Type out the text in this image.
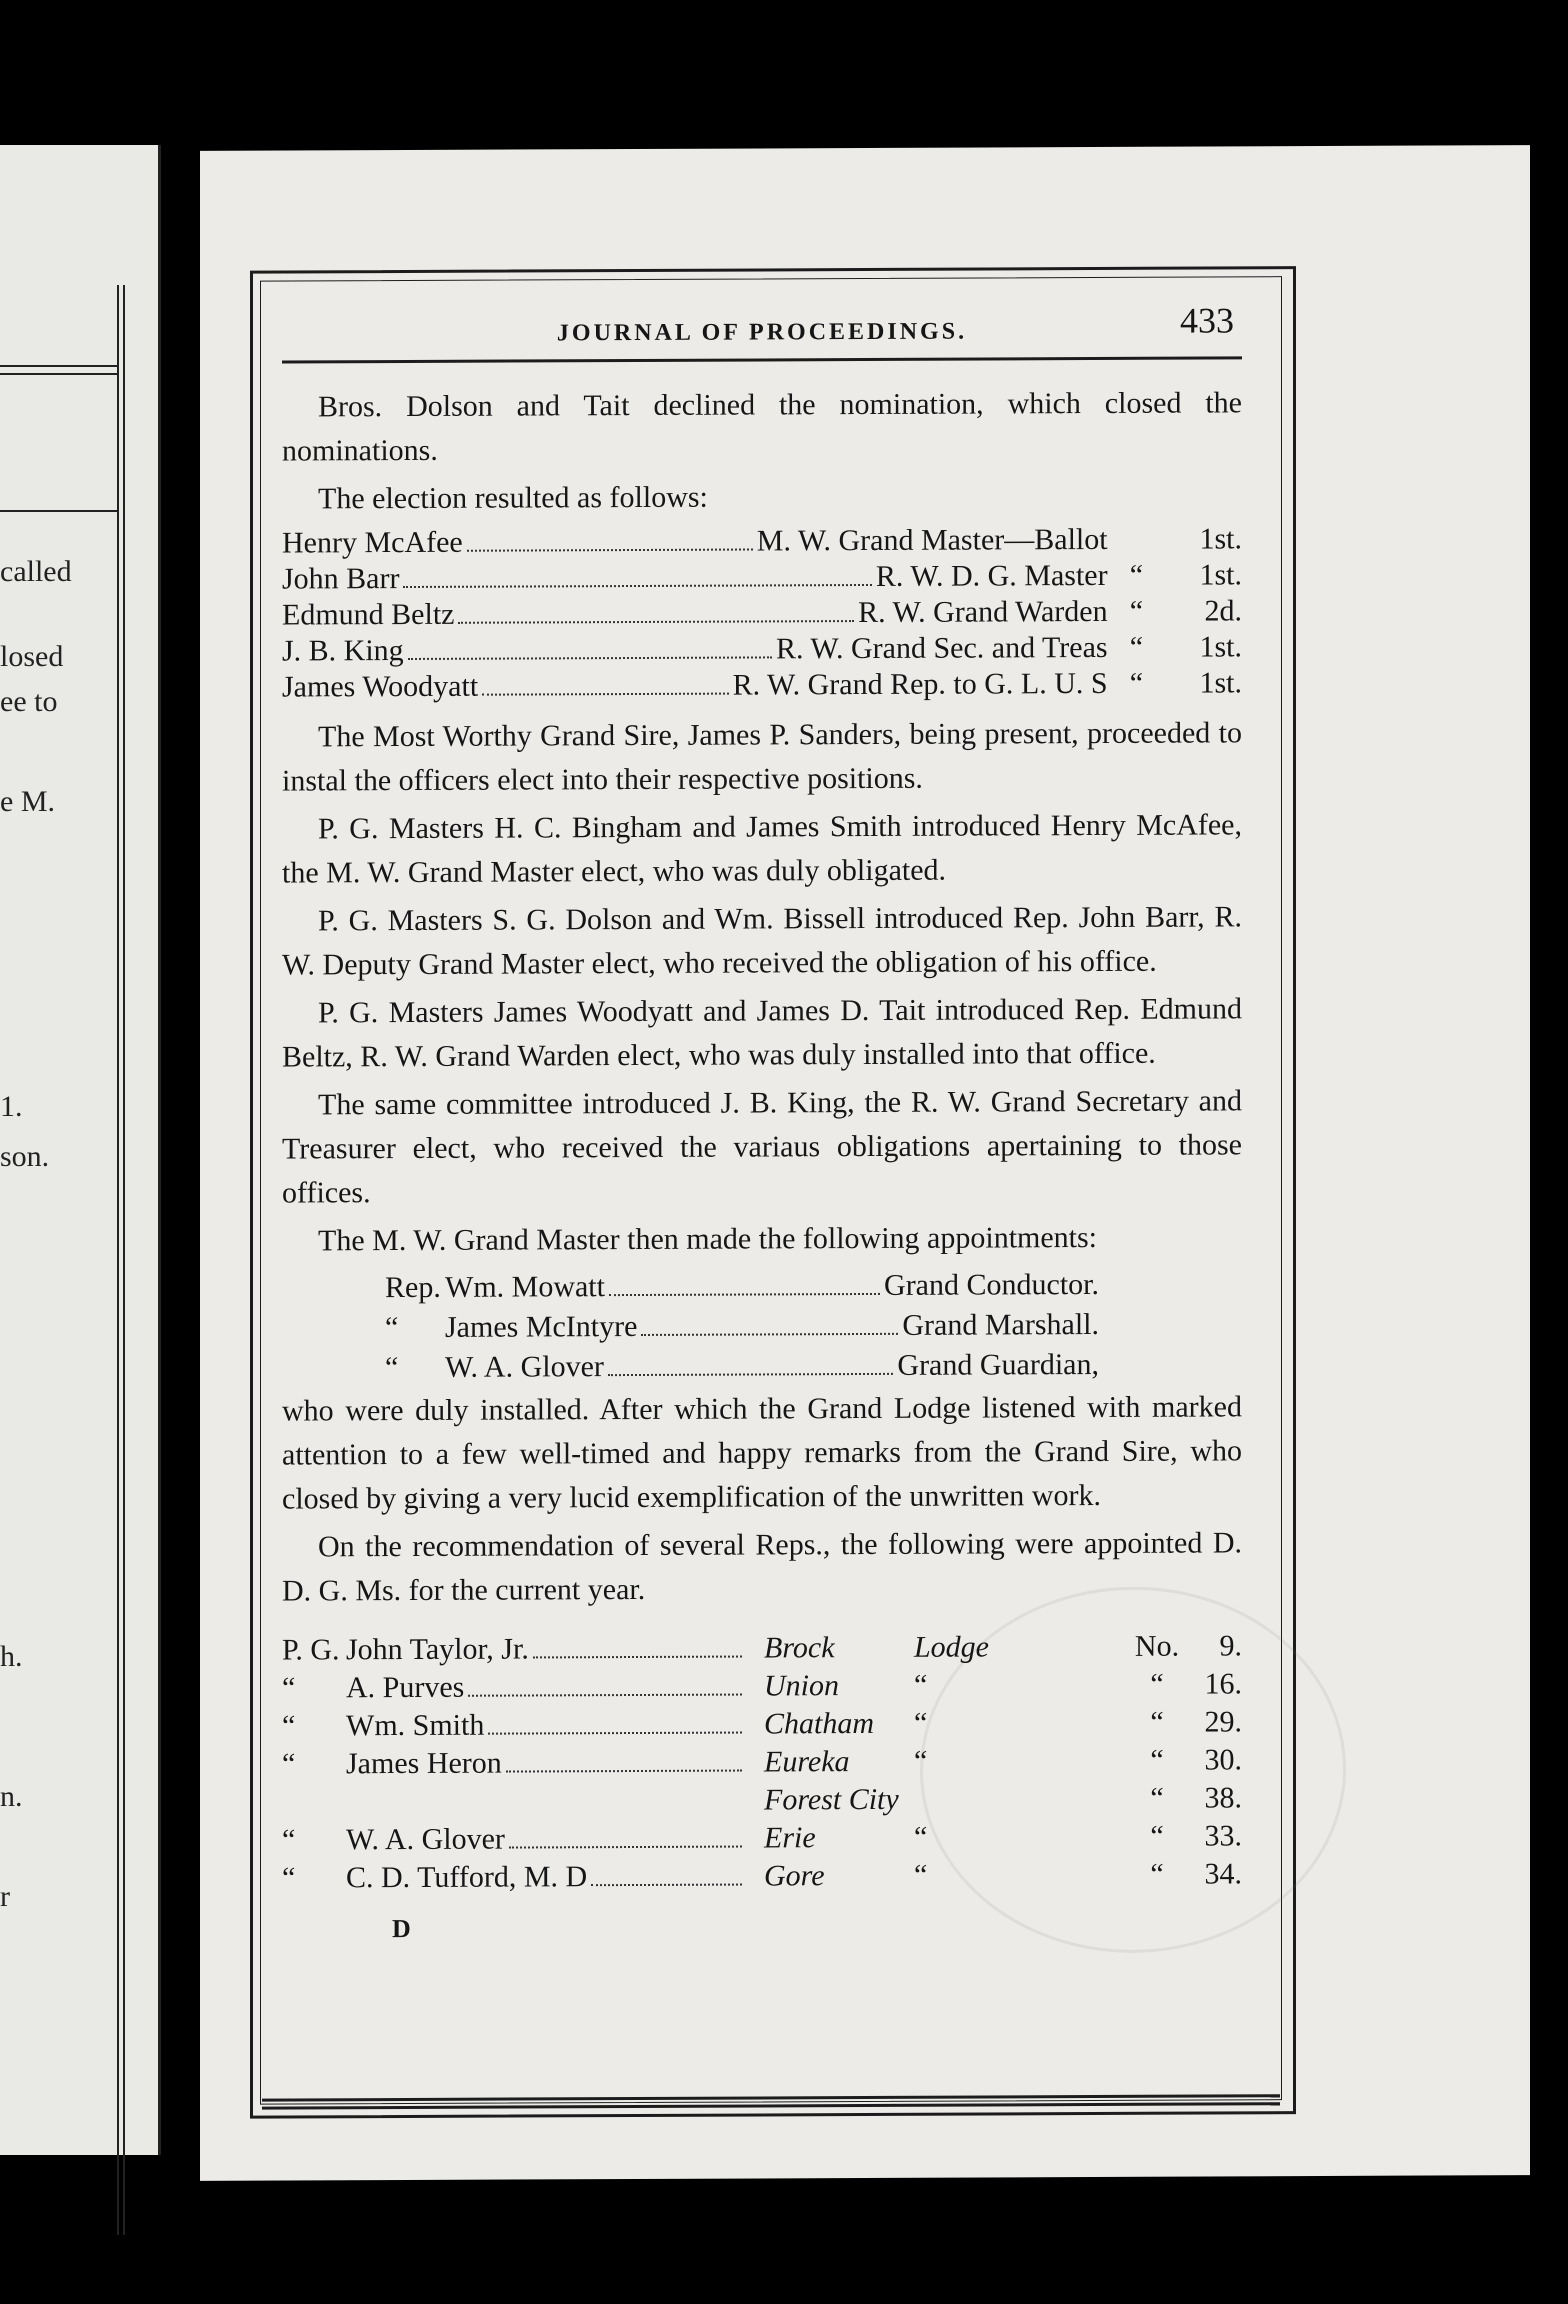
called
losed
ee to
e M.
1.
son.
h.
n.
r
JOURNAL OF PROCEEDINGS.	433

Bros. Dolson and Tait declined the nomination, which closed the nominations.

The election resulted as follows:

Henry McAfee M. W. Grand Master—Ballot		1st.

John Barr R. W. D. G. Master	“	1st.

Edmund Beltz R. W. Grand Warden	“	2d.

J. B. King R. W. Grand Sec. and Treas	“	1st.

James Woodyatt R. W. Grand Rep. to G. L. U. S	“	1st.

The Most Worthy Grand Sire, James P. Sanders, being present, proceeded to instal the officers elect into their respective positions.

P. G. Masters H. C. Bingham and James Smith introduced Henry McAfee, the M. W. Grand Master elect, who was duly obligated.

P. G. Masters S. G. Dolson and Wm. Bissell introduced Rep. John Barr, R. W. Deputy Grand Master elect, who received the obligation of his office.

P. G. Masters James Woodyatt and James D. Tait introduced Rep. Edmund Beltz, R. W. Grand Warden elect, who was duly installed into that office.

The same committee introduced J. B. King, the R. W. Grand Secretary and Treasurer elect, who received the variaus obligations apertaining to those offices.

The M. W. Grand Master then made the following appointments:

Rep. Wm. Mowatt	Grand Conductor.

“	James McIntyre	Grand Marshall.

“	W. A. Glover	Grand Guardian,

who were duly installed. After which the Grand Lodge listened with marked attention to a few well-timed and happy remarks from the Grand Sire, who closed by giving a very lucid exemplification of the unwritten work.

On the recommendation of several Reps., the following were appointed D. D. G. Ms. for the current year.

P. G.	John Taylor, Jr.	Brock	Lodge		No.	9.
“	A. Purves	Union	“		“	16.
“	Wm. Smith	Chatham	“		“	29.
“	James Heron	Eureka	“		“	30.
		Forest City			“	38.
“	W. A. Glover	Erie	“		“	33.
“	C. D. Tufford, M. D	Gore	“		“	34.
D
